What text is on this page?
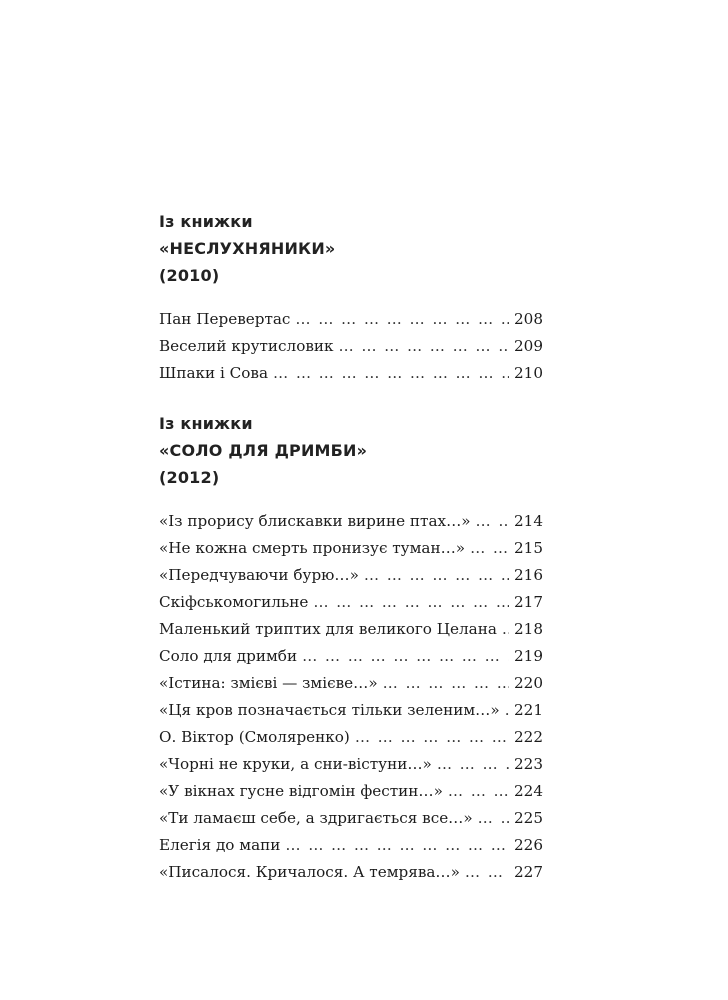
Із книжки
«НЕСЛУХНЯНИКИ»
(2010)
Пан Перевертас … … … … … … … … … … … … … … … … … … … … … … … … … … … …	208
Веселий крутисловик … … … … … … … … … … … … … … … … … … … … … … … … … … … …	209
Шпаки і Сова … … … … … … … … … … … … … … … … … … … … … … … … … … … …	210
Із книжки
«СОЛО ДЛЯ ДРИМБИ»
(2012)
«Із прорису блискавки вирине птах…» … … … … … … … … … … … … … … … … … … … … … … … … … … … …	214
«Не кожна смерть пронизує туман…» … … … … … … … … … … … … … … … … … … … … … … … … … … … …	215
«Передчуваючи бурю…» … … … … … … … … … … … … … … … … … … … … … … … … … … … …	216
Скіфськомогильне … … … … … … … … … … … … … … … … … … … … … … … … … … … …	217
Маленький триптих для великого Целана … … … … … … … … … … … … … … … … … … … … … … … … … … … …	218
Соло для дримби … … … … … … … … … … … … … … … … … … … … … … … … … … … …	219
«Істина: змієві — змієве…» … … … … … … … … … … … … … … … … … … … … … … … … … … … …	220
«Ця кров позначається тільки зеленим…» … … … … … … … … … … … … … … … … … … … … … … … … … … … … 221
О. Віктор (Смоляренко) … … … … … … … … … … … … … … … … … … … … … … … … … … … …	222
«Чорні не круки, а сни-вістуни…» … … … … … … … … … … … … … … … … … … … … … … … … … … … …	223
«У вікнах гусне відгомін фестин…» … … … … … … … … … … … … … … … … … … … … … … … … … … … …	224
«Ти ламаєш себе, а здригається все…» … … … … … … … … … … … … … … … … … … … … … … … … … … … …	225
Елегія до мапи … … … … … … … … … … … … … … … … … … … … … … … … … … … …	226
«Писалося. Кричалося. А темрява…» … … … … … … … … … … … … … … … … … … … … … … … … … … … …	227
